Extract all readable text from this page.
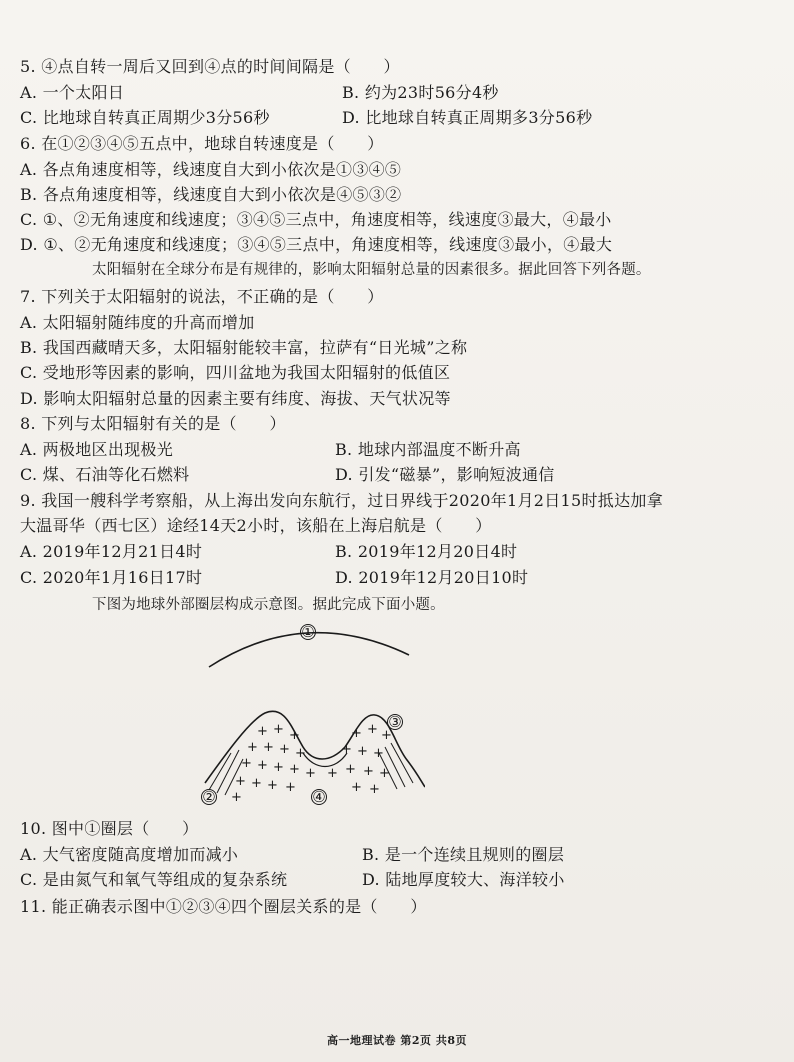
5. ④点自转一周后又回到④点的时间间隔是（　　）
A. 一个太阳日	B. 约为23时56分4秒
C. 比地球自转真正周期少3分56秒	D. 比地球自转真正周期多3分56秒
6. 在①②③④⑤五点中，地球自转速度是（　　）
A. 各点角速度相等，线速度自大到小依次是①③④⑤
B. 各点角速度相等，线速度自大到小依次是④⑤③②
C. ①、②无角速度和线速度；③④⑤三点中，角速度相等，线速度③最大，④最小
D. ①、②无角速度和线速度；③④⑤三点中，角速度相等，线速度③最小，④最大
太阳辐射在全球分布是有规律的，影响太阳辐射总量的因素很多。据此回答下列各题。
7. 下列关于太阳辐射的说法，不正确的是（　　）
A. 太阳辐射随纬度的升高而增加
B. 我国西藏晴天多，太阳辐射能较丰富，拉萨有“日光城”之称
C. 受地形等因素的影响，四川盆地为我国太阳辐射的低值区
D. 影响太阳辐射总量的因素主要有纬度、海拔、天气状况等
8. 下列与太阳辐射有关的是（　　）
A. 两极地区出现极光	B. 地球内部温度不断升高
C. 煤、石油等化石燃料	D. 引发“磁暴”，影响短波通信
9. 我国一艘科学考察船，从上海出发向东航行，过日界线于2020年1月2日15时抵达加拿
大温哥华（西七区）途经14天2小时，该船在上海启航是（　　）
A. 2019年12月21日4时	B. 2019年12月20日4时
C. 2020年1月16日17时	D. 2019年12月20日10时
下图为地球外部圈层构成示意图。据此完成下面小题。
①
+ + +
+ + + +
+ + + + +
+ + + +
+
+ + +
+ + +
+ + + +
+ +
②
③
④
10. 图中①圈层（　　）
A. 大气密度随高度增加而减小	B. 是一个连续且规则的圈层
C. 是由氮气和氧气等组成的复杂系统	D. 陆地厚度较大、海洋较小
11. 能正确表示图中①②③④四个圈层关系的是（　　）
高一地理试卷 第2页 共8页
